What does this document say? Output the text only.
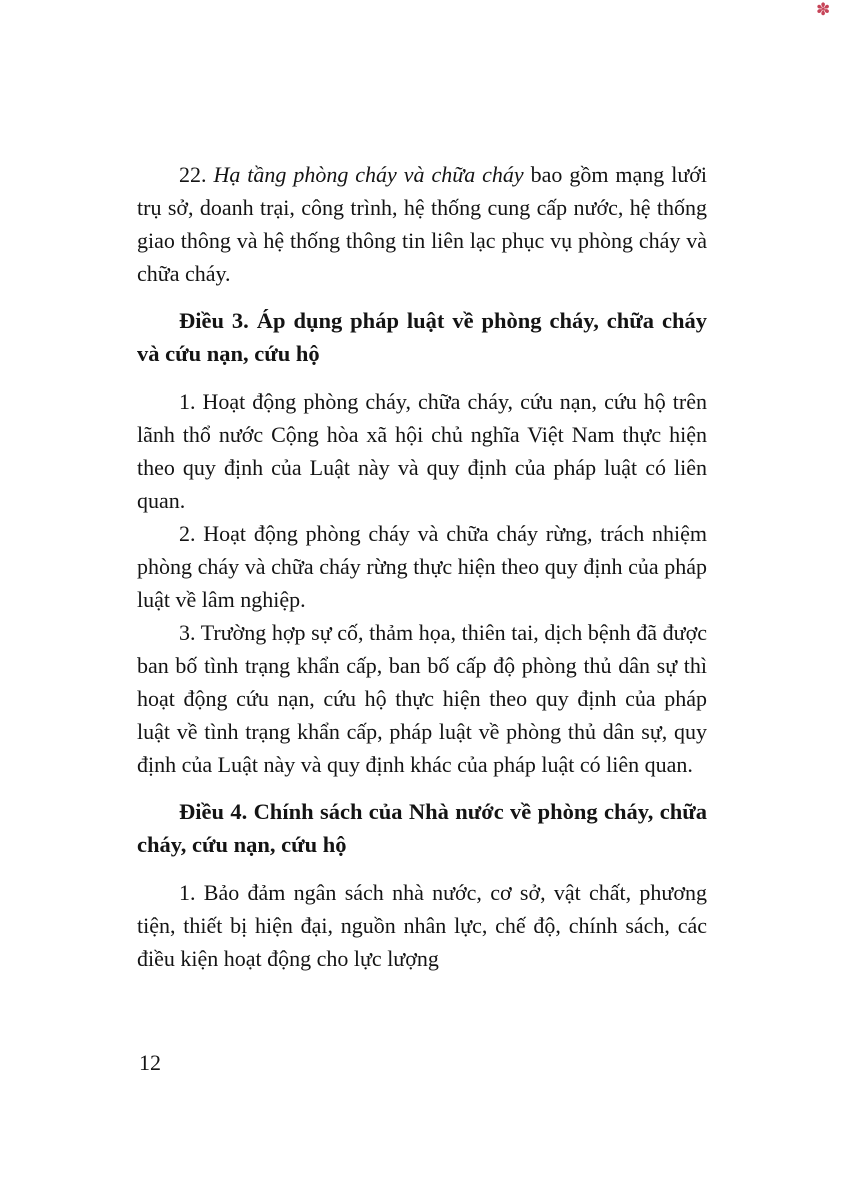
✽

22. Hạ tầng phòng cháy và chữa cháy bao gồm mạng lưới trụ sở, doanh trại, công trình, hệ thống cung cấp nước, hệ thống giao thông và hệ thống thông tin liên lạc phục vụ phòng cháy và chữa cháy.

Điều 3. Áp dụng pháp luật về phòng cháy, chữa cháy và cứu nạn, cứu hộ

1. Hoạt động phòng cháy, chữa cháy, cứu nạn, cứu hộ trên lãnh thổ nước Cộng hòa xã hội chủ nghĩa Việt Nam thực hiện theo quy định của Luật này và quy định của pháp luật có liên quan.

2. Hoạt động phòng cháy và chữa cháy rừng, trách nhiệm phòng cháy và chữa cháy rừng thực hiện theo quy định của pháp luật về lâm nghiệp.

3. Trường hợp sự cố, thảm họa, thiên tai, dịch bệnh đã được ban bố tình trạng khẩn cấp, ban bố cấp độ phòng thủ dân sự thì hoạt động cứu nạn, cứu hộ thực hiện theo quy định của pháp luật về tình trạng khẩn cấp, pháp luật về phòng thủ dân sự, quy định của Luật này và quy định khác của pháp luật có liên quan.

Điều 4. Chính sách của Nhà nước về phòng cháy, chữa cháy, cứu nạn, cứu hộ

1. Bảo đảm ngân sách nhà nước, cơ sở, vật chất, phương tiện, thiết bị hiện đại, nguồn nhân lực, chế độ, chính sách, các điều kiện hoạt động cho lực lượng

12
